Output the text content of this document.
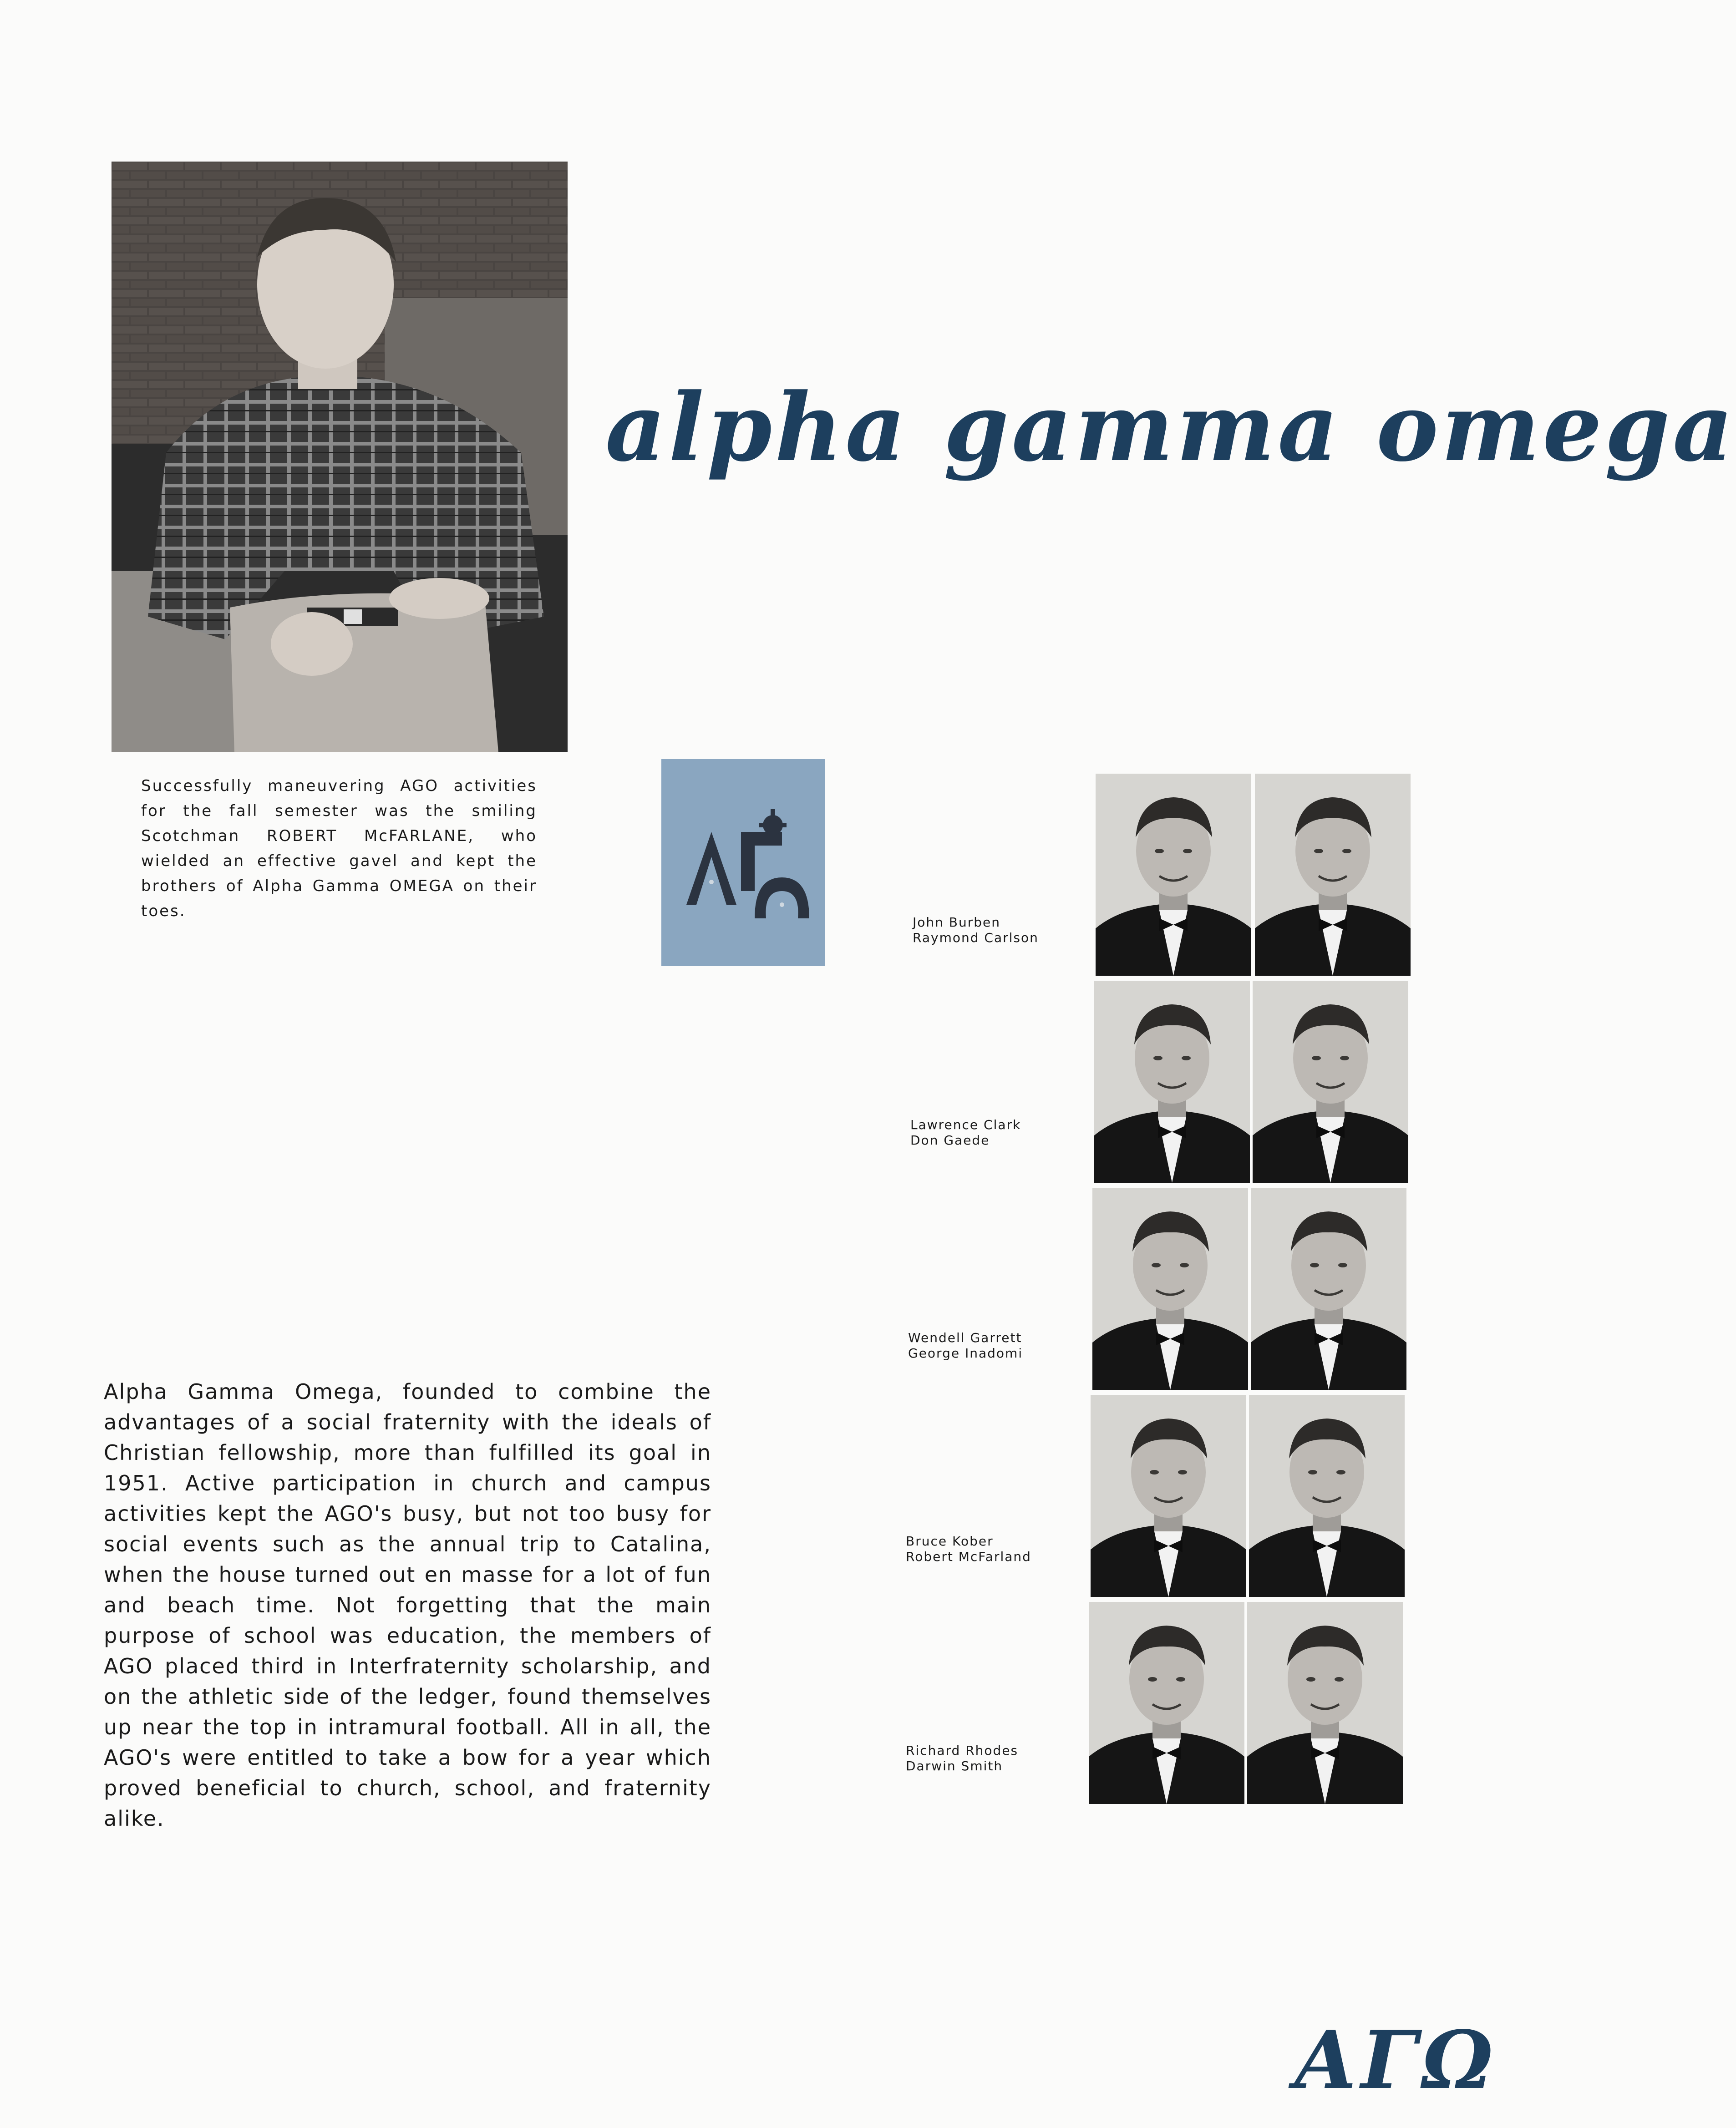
alpha gamma omega
Successfully maneuvering AGO activities for the fall semester was the smiling Scotchman ROBERT McFARLANE, who wielded an effective gavel and kept the brothers of Alpha Gamma OMEGA on their toes.
AΓΩ
Alpha Gamma Omega, founded to combine the advantages of a social fraternity with the ideals of Christian fellowship, more than fulfilled its goal in 1951. Active participation in church and campus activities kept the AGO's busy, but not too busy for social events such as the annual trip to Catalina, when the house turned out en masse for a lot of fun and beach time. Not forgetting that the main purpose of school was education, the members of AGO placed third in Interfraternity scholarship, and on the athletic side of the ledger, found themselves up near the top in intramural football. All in all, the AGO's were entitled to take a bow for a year which proved beneficial to church, school, and fraternity alike.
John Burben
Raymond Carlson
Lawrence Clark
Don Gaede
Wendell Garrett
George Inadomi
Bruce Kober
Robert McFarland
Richard Rhodes
Darwin Smith
ΑΓΩ
